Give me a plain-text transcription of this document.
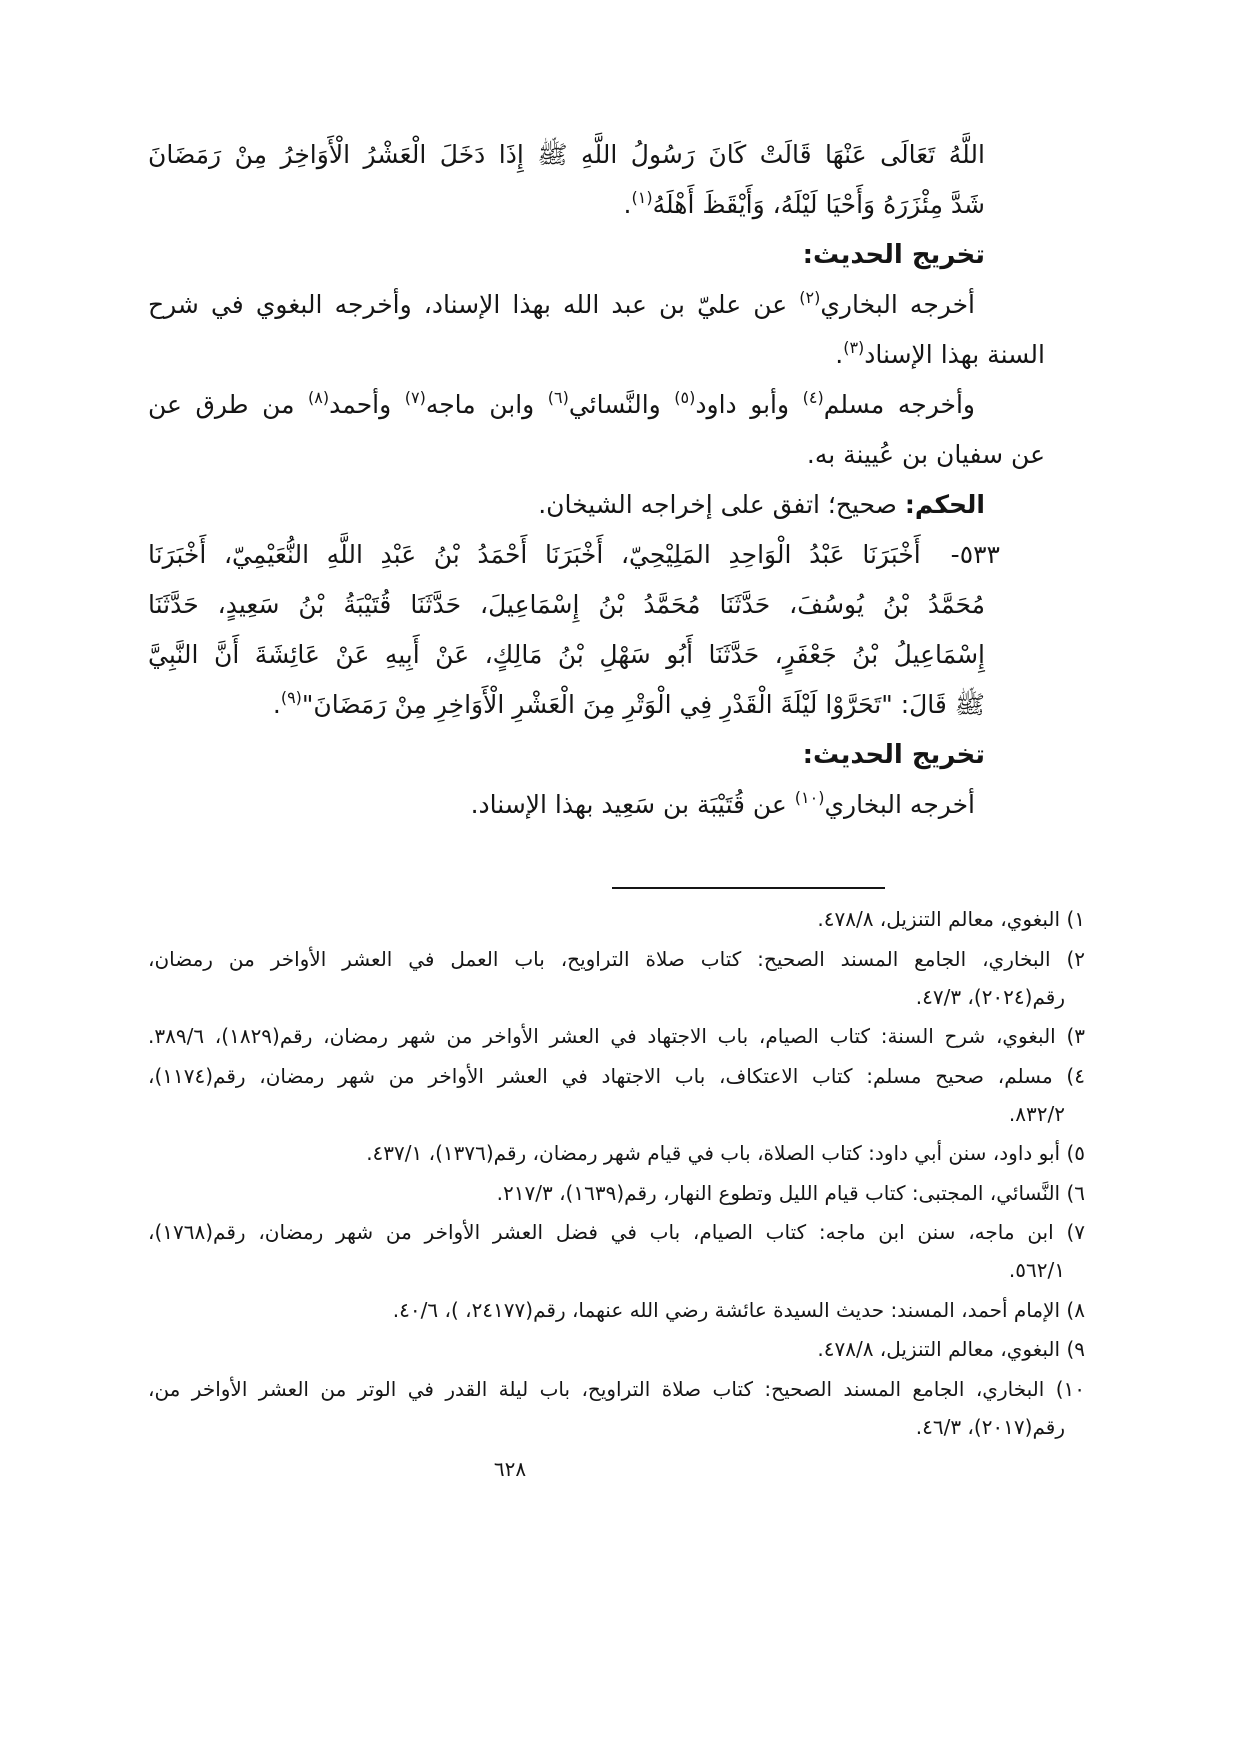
اللَّهُ تَعَالَى عَنْهَا قَالَتْ كَانَ رَسُولُ اللَّهِ ﷺ إِذَا دَخَلَ الْعَشْرُ الْأَوَاخِرُ مِنْ رَمَضَانَ
شَدَّ مِئْزَرَهُ وَأَحْيَا لَيْلَهُ، وَأَيْقَظَ أَهْلَهُ$^{(١)}$.
تخريج الحديث:
أخرجه البخاري$^{(٢)}$ عن عليّ بن عبد الله بهذا الإسناد، وأخرجه البغوي في شرح
السنة بهذا الإسناد$^{(٣)}$.
وأخرجه مسلم$^{(٤)}$ وأبو داود$^{(٥)}$ والنَّسائي$^{(٦)}$ وابن ماجه$^{(٧)}$ وأحمد$^{(٨)}$ من طرق عن
عن سفيان بن عُيينة به.
الحكم: صحيح؛ اتفق على إخراجه الشيخان.
٥٣٣-أَخْبَرَنَا عَبْدُ الْوَاحِدِ المَلِيْحِيّ، أَخْبَرَنَا أَحْمَدُ بْنُ عَبْدِ اللَّهِ النُّعَيْمِيّ، أَخْبَرَنَا
مُحَمَّدُ بْنُ يُوسُفَ، حَدَّثَنَا مُحَمَّدُ بْنُ إِسْمَاعِيلَ، حَدَّثَنَا قُتَيْبَةُ بْنُ سَعِيدٍ، حَدَّثَنَا
إِسْمَاعِيلُ بْنُ جَعْفَرٍ، حَدَّثَنَا أَبُو سَهْلِ بْنُ مَالِكٍ، عَنْ أَبِيهِ عَنْ عَائِشَةَ أَنَّ النَّبِيَّ
ﷺ قَالَ: "تَحَرَّوْا لَيْلَةَ الْقَدْرِ فِي الْوَتْرِ مِنَ الْعَشْرِ الْأَوَاخِرِ مِنْ رَمَضَانَ"$^{(٩)}$.
تخريج الحديث:
أخرجه البخاري$^{(١٠)}$ عن قُتَيْبَة بن سَعِيد بهذا الإسناد.
١) البغوي، معالم التنزيل، ٤٧٨/٨.
٢) البخاري، الجامع المسند الصحيح: كتاب صلاة التراويح، باب العمل في العشر الأواخر من رمضان،
رقم(٢٠٢٤)، ٤٧/٣.
٣) البغوي، شرح السنة: كتاب الصيام، باب الاجتهاد في العشر الأواخر من شهر رمضان، رقم(١٨٢٩)، ٣٨٩/٦.
٤) مسلم، صحيح مسلم: كتاب الاعتكاف، باب الاجتهاد في العشر الأواخر من شهر رمضان، رقم(١١٧٤)،
٨٣٢/٢.
٥) أبو داود، سنن أبي داود: كتاب الصلاة، باب في قيام شهر رمضان، رقم(١٣٧٦)، ٤٣٧/١.
٦) النَّسائي، المجتبى: كتاب قيام الليل وتطوع النهار، رقم(١٦٣٩)، ٢١٧/٣.
٧) ابن ماجه، سنن ابن ماجه: كتاب الصيام، باب في فضل العشر الأواخر من شهر رمضان، رقم(١٧٦٨)،
٥٦٢/١.
٨) الإمام أحمد، المسند: حديث السيدة عائشة رضي الله عنهما، رقم(٢٤١٧٧، )، ٤٠/٦.
٩) البغوي، معالم التنزيل، ٤٧٨/٨.
١٠) البخاري، الجامع المسند الصحيح: كتاب صلاة التراويح، باب ليلة القدر في الوتر من العشر الأواخر من،
رقم(٢٠١٧)، ٤٦/٣.
٦٢٨
